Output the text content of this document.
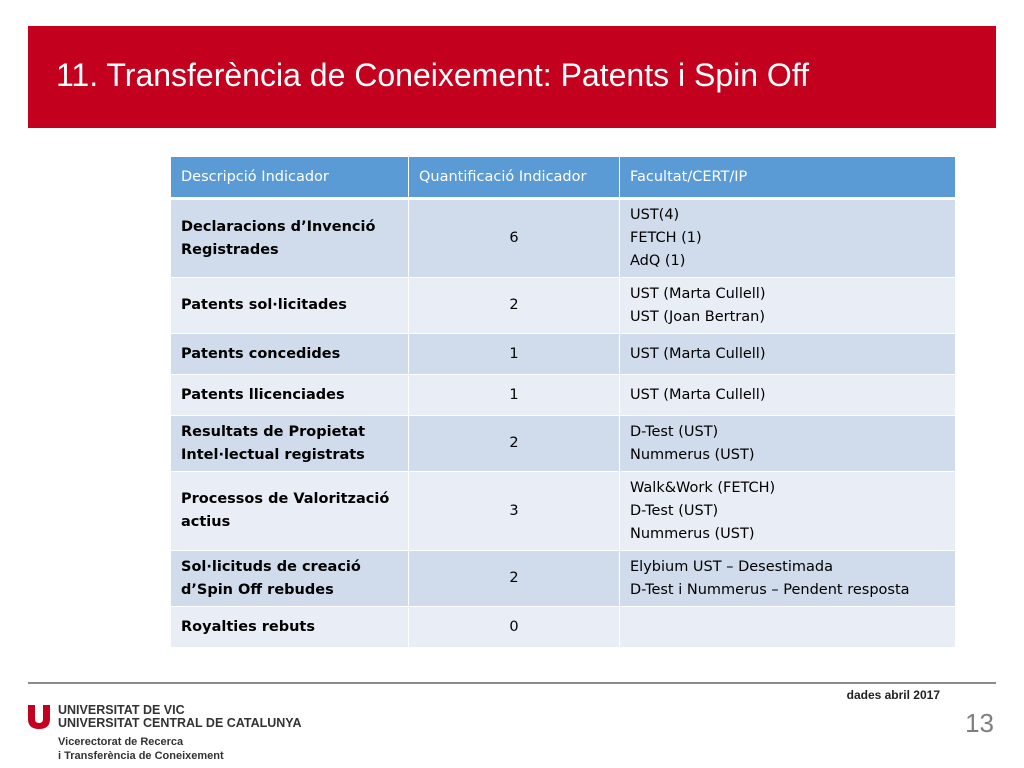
11. Transferència de Coneixement: Patents i Spin Off
Descripció Indicador	Quantificació Indicador	Facultat/CERT/IP
Declaracions d’Invenció Registrades	6	UST(4)
FETCH (1)
AdQ (1)

Patents sol·licitades	2	UST (Marta Cullell)
UST (Joan Bertran)

Patents concedides	1	UST (Marta Cullell)

Patents llicenciades	1	UST (Marta Cullell)

Resultats de Propietat Intel·lectual registrats	2	D-Test (UST)
Nummerus (UST)

Processos de Valorització actius	3	Walk&Work (FETCH)
D-Test (UST)
Nummerus (UST)

Sol·licituds de creació d’Spin Off rebudes	2	Elybium UST – Desestimada
D-Test i Nummerus – Pendent resposta

Royalties rebuts	0	
dades abril 2017
13
UNIVERSITAT DE VIC
UNIVERSITAT CENTRAL DE CATALUNYA
Vicerectorat de Recerca
i Transferència de Coneixement
